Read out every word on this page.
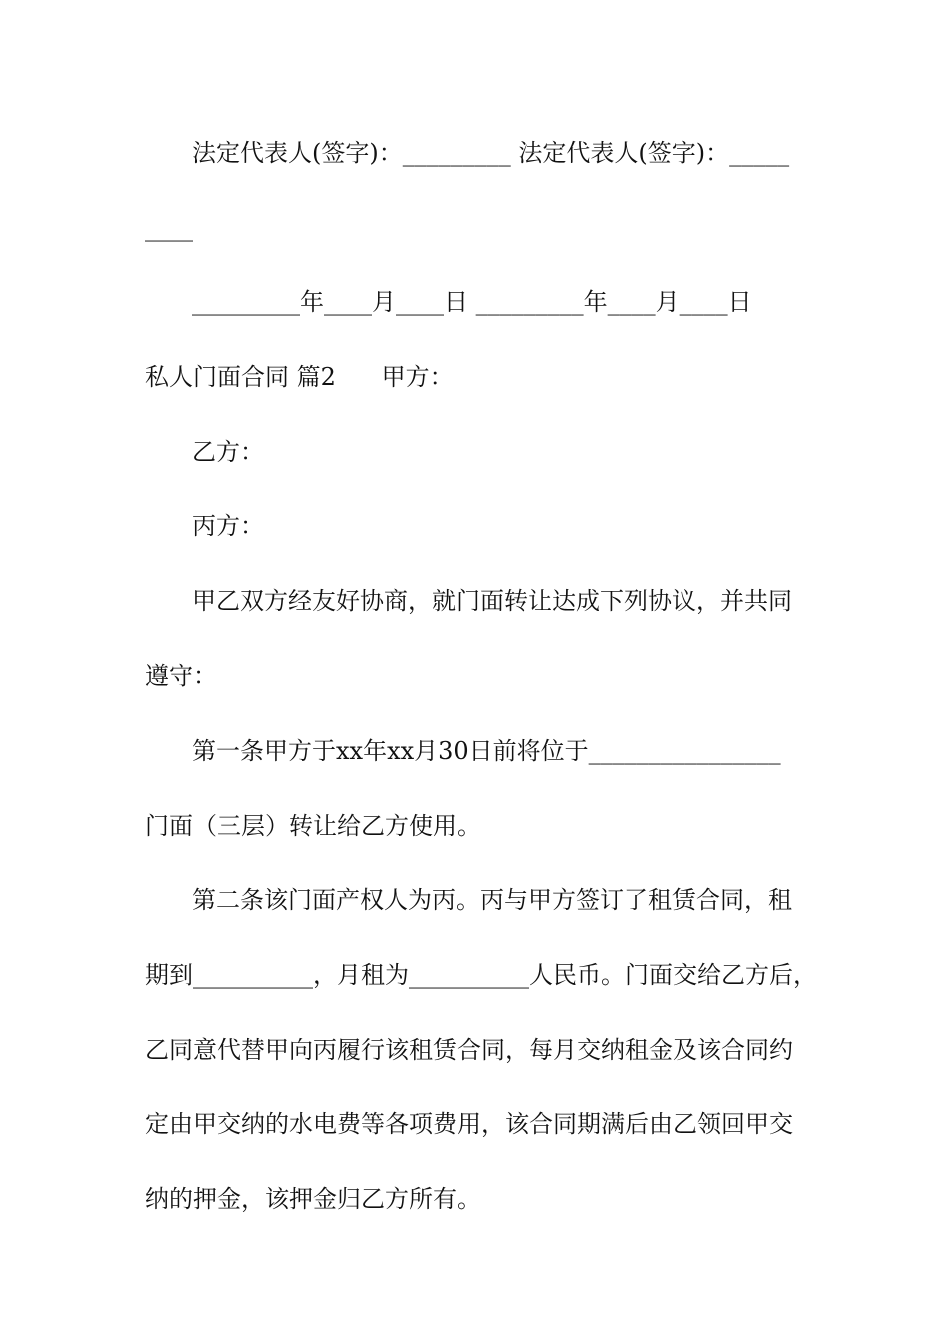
法定代表人(签字)：_________ 法定代表人(签字)：_____
____
_________年____月____日 _________年____月____日
私人门面合同 篇2      甲方：
乙方：
丙方：
甲乙双方经友好协商，就门面转让达成下列协议，并共同
遵守：
第一条甲方于xx年xx月30日前将位于________________
门面（三层）转让给乙方使用。
第二条该门面产权人为丙。丙与甲方签订了租赁合同，租
期到__________，月租为__________人民币。门面交给乙方后，
乙同意代替甲向丙履行该租赁合同，每月交纳租金及该合同约
定由甲交纳的水电费等各项费用，该合同期满后由乙领回甲交
纳的押金，该押金归乙方所有。
